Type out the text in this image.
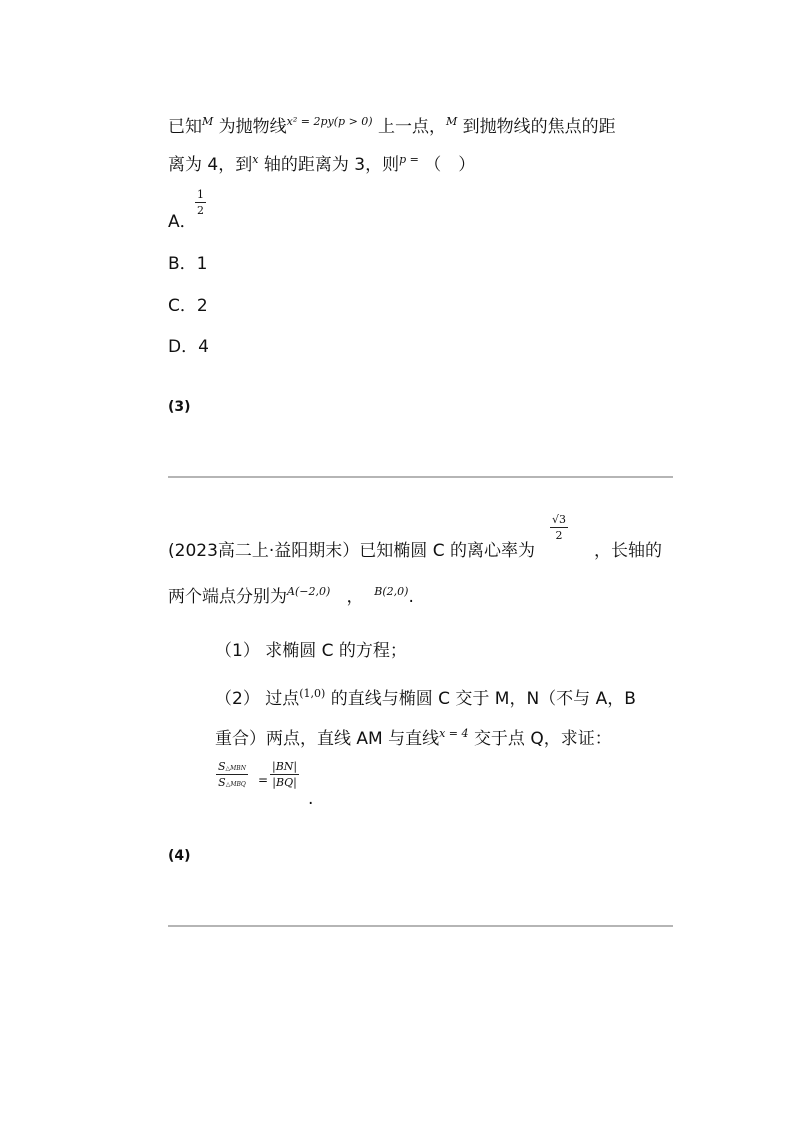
已知$^M$ 为抛物线$^{x^2 = 2py(p > 0)}$ 上一点，$^M$ 到抛物线的焦点的距
离为 4，到$^x$ 轴的距离为 3，则$^{p =}$ （　）
A．
1
2
B．1
C．2
D．4
(3)
(2023高二上·益阳期末）已知椭圆 C 的离心率为
√3
2
，长轴的
两个端点分别为$^{A(-2,0)}$ ， $^{B(2,0)}$.
（1） 求椭圆 C 的方程；
（2） 过点$^{(1,0)}$ 的直线与椭圆 C 交于 M，N（不与 A，B
重合）两点，直线 AM 与直线$^{x = 4}$ 交于点 Q，求证：
S△MBN
S△MBQ =
|BN|
|BQ|
.
(4)
